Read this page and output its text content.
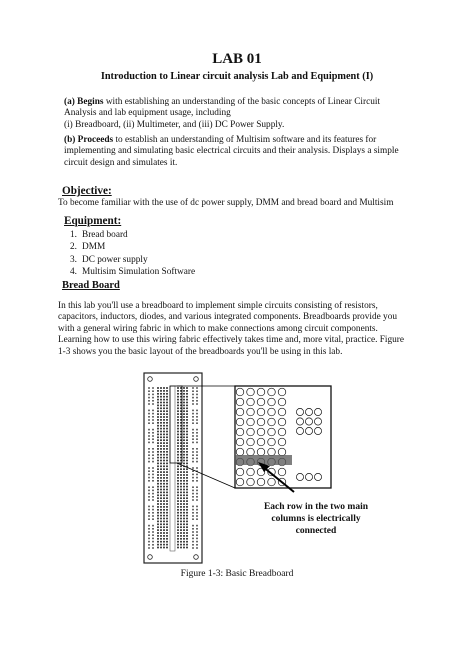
LAB 01
Introduction to Linear circuit analysis Lab and Equipment (I)
(a) Begins with establishing an understanding of the basic concepts of Linear Circuit
Analysis and lab equipment usage, including
(i) Breadboard, (ii) Multimeter, and (iii) DC Power Supply.
(b) Proceeds to establish an understanding of Multisim software and its features for
implementing and simulating basic electrical circuits and their analysis. Displays a simple
circuit design and simulates it.
Objective:
To become familiar with the use of dc power supply, DMM and bread board and Multisim
Equipment:
1. Bread board
2. DMM
3. DC power supply
4. Multisim Simulation Software
Bread Board
In this lab you'll use a breadboard to implement simple circuits consisting of resistors,
capacitors, inductors, diodes, and various integrated components. Breadboards provide you
with a general wiring fabric in which to make connections among circuit components.
Learning how to use this wiring fabric effectively takes time and, more vital, practice. Figure
1-3 shows you the basic layout of the breadboards you'll be using in this lab.
Each row in the two main
columns is electrically
connected
Figure 1-3: Basic Breadboard
